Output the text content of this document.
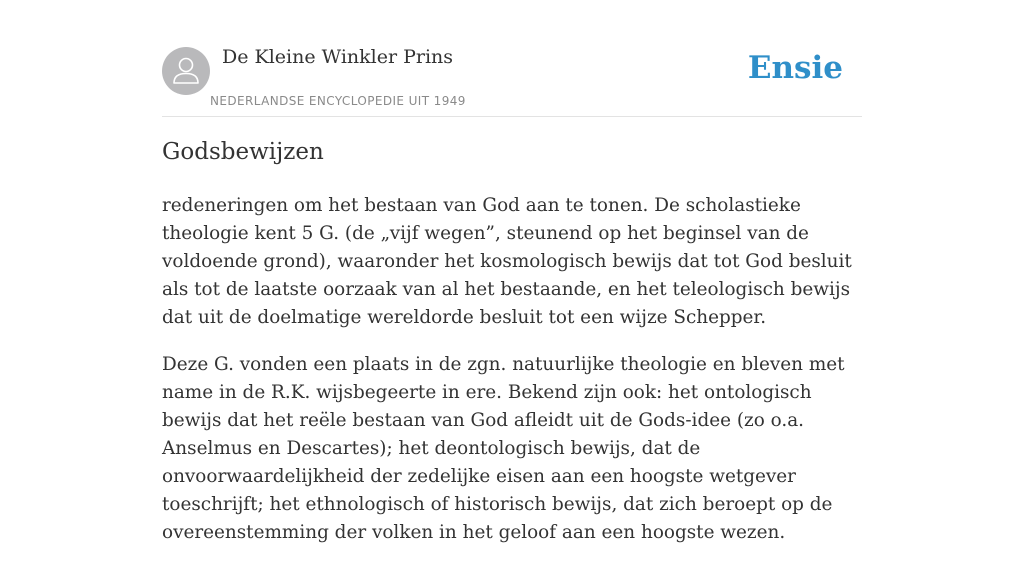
De Kleine Winkler Prins
NEDERLANDSE ENCYCLOPEDIE UIT 1949
Ensie
Godsbewijzen

redeneringen om het bestaan van God aan te tonen. De scholastieke theologie kent 5 G. (de „vijf wegen”, steunend op het beginsel van de voldoende grond), waaronder het kosmologisch bewijs dat tot God besluit als tot de laatste oorzaak van al het bestaande, en het teleologisch bewijs dat uit de doelmatige wereldorde besluit tot een wijze Schepper.

Deze G. vonden een plaats in de zgn. natuurlijke theologie en bleven met name in de R.K. wijsbegeerte in ere. Bekend zijn ook: het ontologisch bewijs dat het reële bestaan van God afleidt uit de Gods-idee (zo o.a. Anselmus en Descartes); het deontologisch bewijs, dat de onvoorwaardelijkheid der zedelijke eisen aan een hoogste wetgever toeschrijft; het ethnologisch of historisch bewijs, dat zich beroept op de overeenstemming der volken in het geloof aan een hoogste wezen.
